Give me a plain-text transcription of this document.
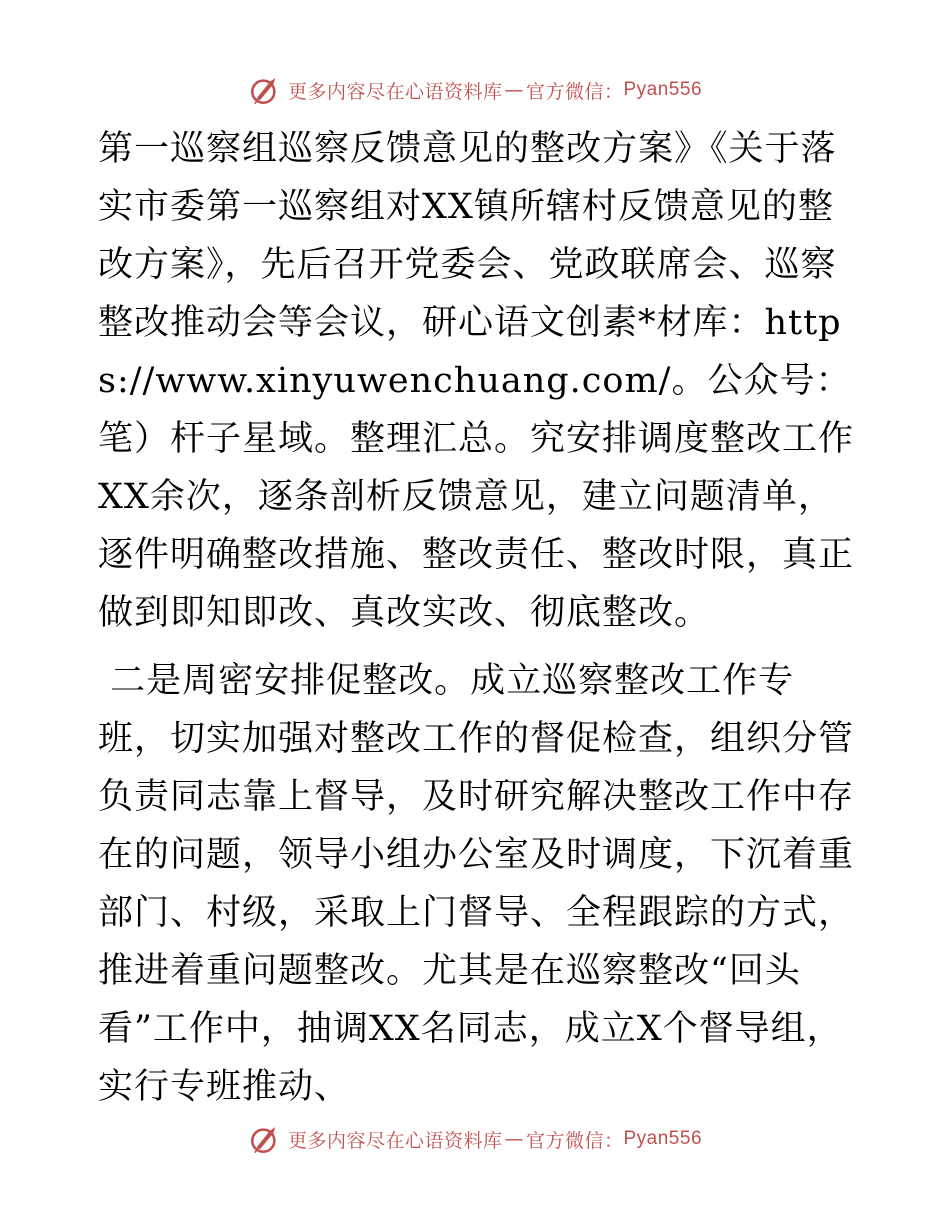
更多内容尽在心语资料库 — 官方微信： Pyan556

第一巡察组巡察反馈意见的整改方案》《关于落实市委第一巡察组对XX镇所辖村反馈意见的整改方案》，先后召开党委会、党政联席会、巡察整改推动会等会议，研心语文创素*材库：https://www.xinyuwenchuang.com/。公众号：笔）杆子星域。整理汇总。究安排调度整改工作XX余次，逐条剖析反馈意见，建立问题清单，逐件明确整改措施、整改责任、整改时限，真正做到即知即改、真改实改、彻底整改。

二是周密安排促整改。成立巡察整改工作专班，切实加强对整改工作的督促检查，组织分管负责同志靠上督导，及时研究解决整改工作中存在的问题，领导小组办公室及时调度，下沉着重部门、村级，采取上门督导、全程跟踪的方式，推进着重问题整改。尤其是在巡察整改“回头看”工作中，抽调XX名同志，成立X个督导组，实行专班推动、

更多内容尽在心语资料库 — 官方微信： Pyan556
